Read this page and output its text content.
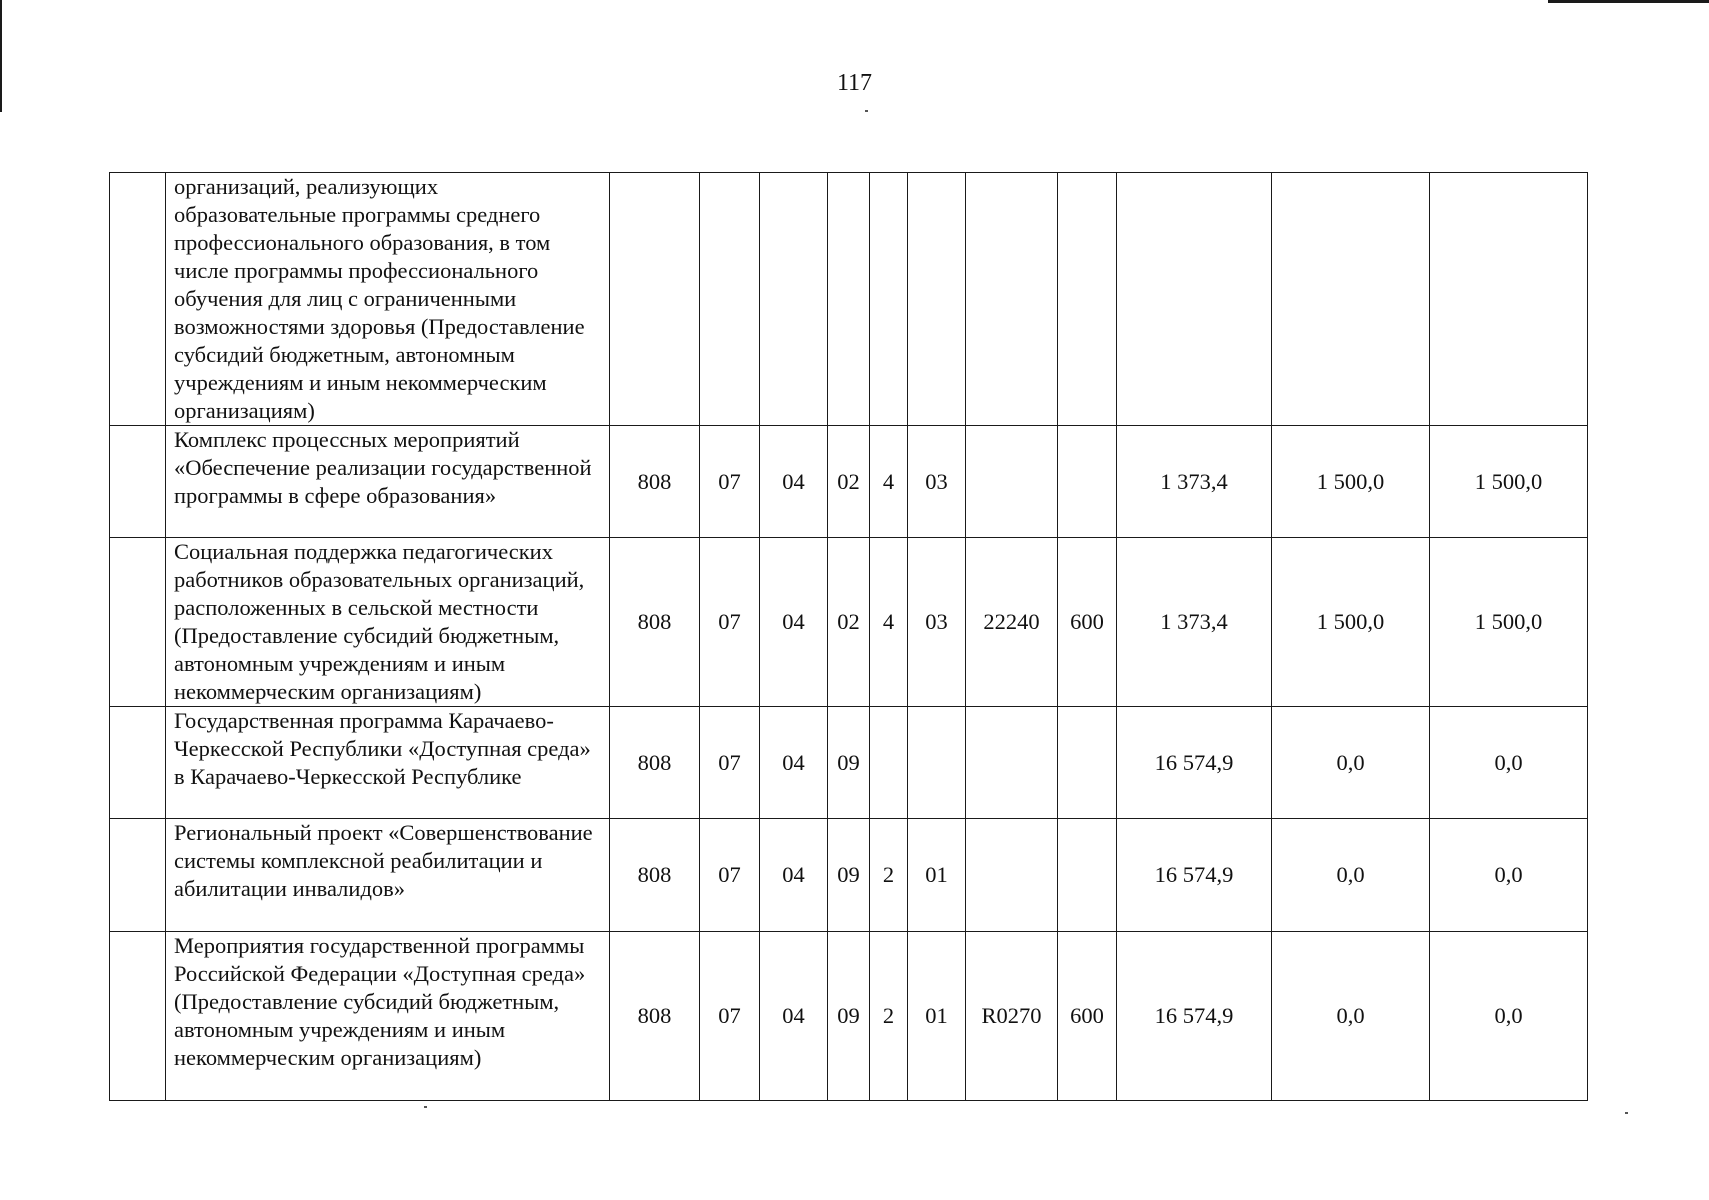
117
	организаций, реализующих образовательные программы среднего профессионального образования, в том числе программы профессионального обучения для лиц с ограниченными возможностями здоровья (Предоставление субсидий бюджетным, автономным учреждениям и иным некоммерческим организациям)											
	Комплекс процессных мероприятий «Обеспечение реализации государственной программы в сфере образования»	808	07	04	02	4	03			1 373,4	1 500,0	1 500,0
	Социальная поддержка педагогических работников образовательных организаций, расположенных в сельской местности (Предоставление субсидий бюджетным, автономным учреждениям и иным некоммерческим организациям)	808	07	04	02	4	03	22240	600	1 373,4	1 500,0	1 500,0
	Государственная программа Карачаево-Черкесской Республики «Доступная среда» в Карачаево-Черкесской Республике	808	07	04	09					16 574,9	0,0	0,0
	Региональный проект «Совершенствование системы комплексной реабилитации и абилитации инвалидов»	808	07	04	09	2	01			16 574,9	0,0	0,0
	Мероприятия государственной программы Российской Федерации «Доступная среда» (Предоставление субсидий бюджетным, автономным учреждениям и иным некоммерческим организациям)	808	07	04	09	2	01	R0270	600	16 574,9	0,0	0,0
